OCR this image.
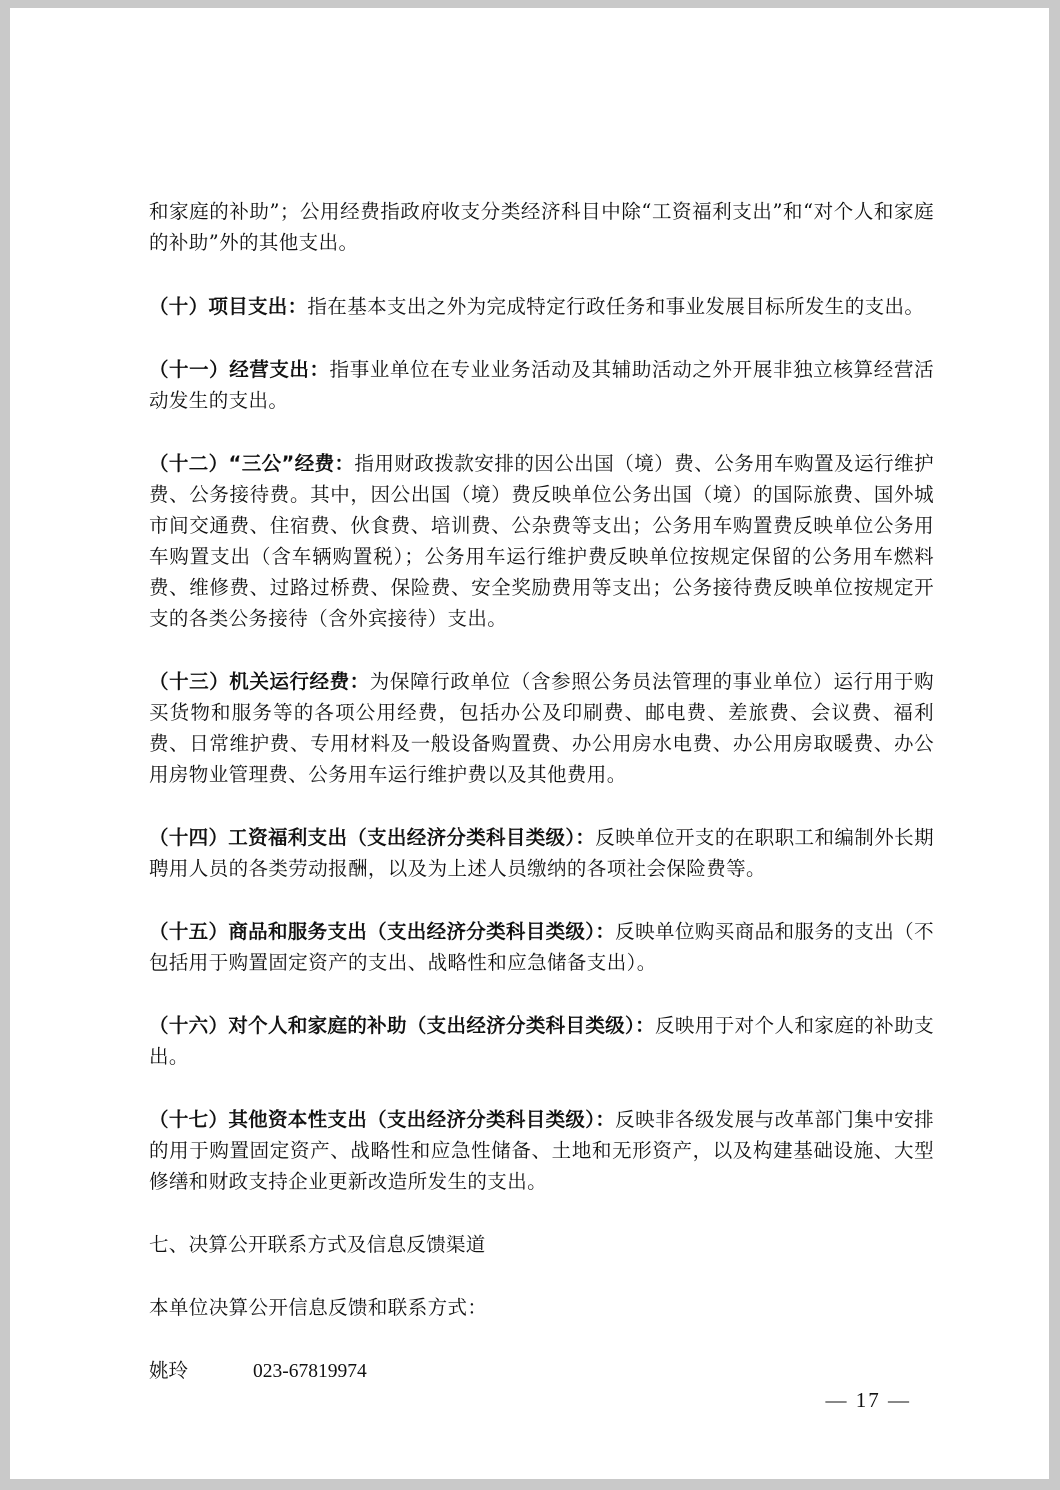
和家庭的补助”；公用经费指政府收支分类经济科目中除“工资福利支出”和“对个人和家庭的补助”外的其他支出。

（十）项目支出：指在基本支出之外为完成特定行政任务和事业发展目标所发生的支出。

（十一）经营支出：指事业单位在专业业务活动及其辅助活动之外开展非独立核算经营活动发生的支出。

（十二）“三公”经费：指用财政拨款安排的因公出国（境）费、公务用车购置及运行维护费、公务接待费。其中，因公出国（境）费反映单位公务出国（境）的国际旅费、国外城市间交通费、住宿费、伙食费、培训费、公杂费等支出；公务用车购置费反映单位公务用车购置支出（含车辆购置税）；公务用车运行维护费反映单位按规定保留的公务用车燃料费、维修费、过路过桥费、保险费、安全奖励费用等支出；公务接待费反映单位按规定开支的各类公务接待（含外宾接待）支出。

（十三）机关运行经费：为保障行政单位（含参照公务员法管理的事业单位）运行用于购买货物和服务等的各项公用经费，包括办公及印刷费、邮电费、差旅费、会议费、福利费、日常维护费、专用材料及一般设备购置费、办公用房水电费、办公用房取暖费、办公用房物业管理费、公务用车运行维护费以及其他费用。

（十四）工资福利支出（支出经济分类科目类级）：反映单位开支的在职职工和编制外长期聘用人员的各类劳动报酬，以及为上述人员缴纳的各项社会保险费等。

（十五）商品和服务支出（支出经济分类科目类级）：反映单位购买商品和服务的支出（不包括用于购置固定资产的支出、战略性和应急储备支出）。

（十六）对个人和家庭的补助（支出经济分类科目类级）：反映用于对个人和家庭的补助支出。

（十七）其他资本性支出（支出经济分类科目类级）：反映非各级发展与改革部门集中安排的用于购置固定资产、战略性和应急性储备、土地和无形资产，以及构建基础设施、大型修缮和财政支持企业更新改造所发生的支出。

七、决算公开联系方式及信息反馈渠道

本单位决算公开信息反馈和联系方式：

姚玲	023-67819974

— 17 —
